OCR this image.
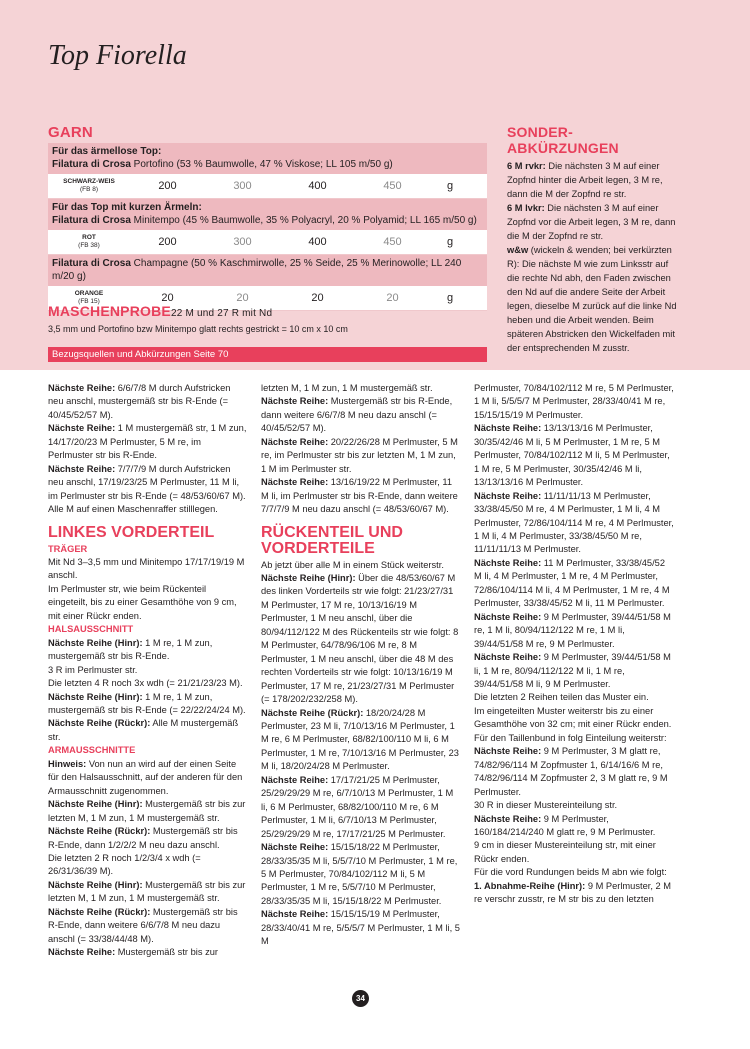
Top Fiorella
GARN
Für das ärmellose Top:
Filatura di Crosa Portofino (53 % Baumwolle, 47 % Viskose; LL 105 m/50 g)
SCHWARZ-WEIS
(FB 8)	200	300	400	450	g
Für das Top mit kurzen Ärmeln:
Filatura di Crosa Minitempo (45 % Baumwolle, 35 % Polyacryl, 20 % Polyamid; LL 165 m/50 g)
ROT
(FB 38)	200	300	400	450	g
Filatura di Crosa Champagne (50 % Kaschmirwolle, 25 % Seide, 25 % Merinowolle; LL 240 m/20 g)
ORANGE
(FB 15)	20	20	20	20	g
MASCHENPROBE22 M und 27 R mit Nd
3,5 mm und Portofino bzw Minitempo glatt rechts gestrickt = 10 cm x 10 cm
Bezugsquellen und Abkürzungen Seite 70
SONDER-ABKÜRZUNGEN
6 M rvkr: Die nächsten 3 M auf einer Zopfnd hinter die Arbeit legen, 3 M re, dann die M der Zopfnd re str.
6 M lvkr: Die nächsten 3 M auf einer Zopfnd vor die Arbeit legen, 3 M re, dann die M der Zopfnd re str.
w&w (wickeln & wenden; bei verkürzten R): Die nächste M wie zum Linksstr auf die rechte Nd abh, den Faden zwischen den Nd auf die andere Seite der Arbeit legen, dieselbe M zurück auf die linke Nd heben und die Arbeit wenden. Beim späteren Abstricken den Wickelfaden mit der entsprechenden M zusstr.

Nächste Reihe: 6/6/7/8 M durch Aufstricken neu anschl, mustergemäß str bis R-Ende (= 40/45/52/57 M).

Nächste Reihe: 1 M mustergemäß str, 1 M zun, 14/17/20/23 M Perlmuster, 5 M re, im Perlmuster str bis R-Ende.

Nächste Reihe: 7/7/7/9 M durch Aufstricken neu anschl, 17/19/23/25 M Perlmuster, 11 M li, im Perlmuster str bis R-Ende (= 48/53/60/67 M).

Alle M auf einen Maschenraffer stilllegen.

LINKES VORDERTEIL
TRÄGER

Mit Nd 3–3,5 mm und Minitempo 17/17/19/19 M anschl.

Im Perlmuster str, wie beim Rückenteil eingeteilt, bis zu einer Gesamthöhe von 9 cm, mit einer Rückr enden.

HALSAUSSCHNITT

Nächste Reihe (Hinr): 1 M re, 1 M zun, mustergemäß str bis R-Ende.

3 R im Perlmuster str.

Die letzten 4 R noch 3x wdh (= 21/21/23/23 M).

Nächste Reihe (Hinr): 1 M re, 1 M zun, mustergemäß str bis R-Ende (= 22/22/24/24 M).

Nächste Reihe (Rückr): Alle M mustergemäß str.

ARMAUSSCHNITTE

Hinweis: Von nun an wird auf der einen Seite für den Halsausschnitt, auf der anderen für den Armausschnitt zugenommen.

Nächste Reihe (Hinr): Mustergemäß str bis zur letzten M, 1 M zun, 1 M mustergemäß str.

Nächste Reihe (Rückr): Mustergemäß str bis R-Ende, dann 1/2/2/2 M neu dazu anschl.

Die letzten 2 R noch 1/2/3/4 x wdh (= 26/31/36/39 M).

Nächste Reihe (Hinr): Mustergemäß str bis zur letzten M, 1 M zun, 1 M mustergemäß str.

Nächste Reihe (Rückr): Mustergemäß str bis R-Ende, dann weitere 6/6/7/8 M neu dazu anschl (= 33/38/44/48 M).

Nächste Reihe: Mustergemäß str bis zur

letzten M, 1 M zun, 1 M mustergemäß str.

Nächste Reihe: Mustergemäß str bis R-Ende, dann weitere 6/6/7/8 M neu dazu anschl (= 40/45/52/57 M).

Nächste Reihe: 20/22/26/28 M Perlmuster, 5 M re, im Perlmuster str bis zur letzten M, 1 M zun, 1 M im Perlmuster str.

Nächste Reihe: 13/16/19/22 M Perlmuster, 11 M li, im Perlmuster str bis R-Ende, dann weitere 7/7/7/9 M neu dazu anschl (= 48/53/60/67 M).

RÜCKENTEIL UND VORDERTEILE

Ab jetzt über alle M in einem Stück weiterstr.

Nächste Reihe (Hinr): Über die 48/53/60/67 M des linken Vorderteils str wie folgt: 21/23/27/31 M Perlmuster, 17 M re, 10/13/16/19 M Perlmuster, 1 M neu anschl, über die 80/94/112/122 M des Rückenteils str wie folgt: 8 M Perlmuster, 64/78/96/106 M re, 8 M Perlmuster, 1 M neu anschl, über die 48 M des rechten Vorderteils str wie folgt: 10/13/16/19 M Perlmuster, 17 M re, 21/23/27/31 M Perlmuster (= 178/202/232/258 M).

Nächste Reihe (Rückr): 18/20/24/28 M Perlmuster, 23 M li, 7/10/13/16 M Perlmuster, 1 M re, 6 M Perlmuster, 68/82/100/110 M li, 6 M Perlmuster, 1 M re, 7/10/13/16 M Perlmuster, 23 M li, 18/20/24/28 M Perlmuster.

Nächste Reihe: 17/17/21/25 M Perlmuster, 25/29/29/29 M re, 6/7/10/13 M Perlmuster, 1 M li, 6 M Perlmuster, 68/82/100/110 M re, 6 M Perlmuster, 1 M li, 6/7/10/13 M Perlmuster, 25/29/29/29 M re, 17/17/21/25 M Perlmuster.

Nächste Reihe: 15/15/18/22 M Perlmuster, 28/33/35/35 M li, 5/5/7/10 M Perlmuster, 1 M re, 5 M Perlmuster, 70/84/102/112 M li, 5 M Perlmuster, 1 M re, 5/5/7/10 M Perlmuster, 28/33/35/35 M li, 15/15/18/22 M Perlmuster.

Nächste Reihe: 15/15/15/19 M Perlmuster, 28/33/40/41 M re, 5/5/5/7 M Perlmuster, 1 M li, 5 M

Perlmuster, 70/84/102/112 M re, 5 M Perlmuster, 1 M li, 5/5/5/7 M Perlmuster, 28/33/40/41 M re, 15/15/15/19 M Perlmuster.

Nächste Reihe: 13/13/13/16 M Perlmuster, 30/35/42/46 M li, 5 M Perlmuster, 1 M re, 5 M Perlmuster, 70/84/102/112 M li, 5 M Perlmuster, 1 M re, 5 M Perlmuster, 30/35/42/46 M li, 13/13/13/16 M Perlmuster.

Nächste Reihe: 11/11/11/13 M Perlmuster, 33/38/45/50 M re, 4 M Perlmuster, 1 M li, 4 M Perlmuster, 72/86/104/114 M re, 4 M Perlmuster, 1 M li, 4 M Perlmuster, 33/38/45/50 M re, 11/11/11/13 M Perlmuster.

Nächste Reihe: 11 M Perlmuster, 33/38/45/52 M li, 4 M Perlmuster, 1 M re, 4 M Perlmuster, 72/86/104/114 M li, 4 M Perlmuster, 1 M re, 4 M Perlmuster, 33/38/45/52 M li, 11 M Perlmuster.

Nächste Reihe: 9 M Perlmuster, 39/44/51/58 M re, 1 M li, 80/94/112/122 M re, 1 M li, 39/44/51/58 M re, 9 M Perlmuster.

Nächste Reihe: 9 M Perlmuster, 39/44/51/58 M li, 1 M re, 80/94/112/122 M li, 1 M re, 39/44/51/58 M li, 9 M Perlmuster.

Die letzten 2 Reihen teilen das Muster ein.

Im eingeteilten Muster weiterstr bis zu einer Gesamthöhe von 32 cm; mit einer Rückr enden.

Für den Taillenbund in folg Einteilung weiterstr:

Nächste Reihe: 9 M Perlmuster, 3 M glatt re, 74/82/96/114 M Zopfmuster 1, 6/14/16/6 M re, 74/82/96/114 M Zopfmuster 2, 3 M glatt re, 9 M Perlmuster.

30 R in dieser Mustereinteilung str.

Nächste Reihe: 9 M Perlmuster, 160/184/214/240 M glatt re, 9 M Perlmuster.

9 cm in dieser Mustereinteilung str, mit einer Rückr enden.

Für die vord Rundungen beids M abn wie folgt:

1. Abnahme-Reihe (Hinr): 9 M Perlmuster, 2 M re verschr zusstr, re M str bis zu den letzten

34
